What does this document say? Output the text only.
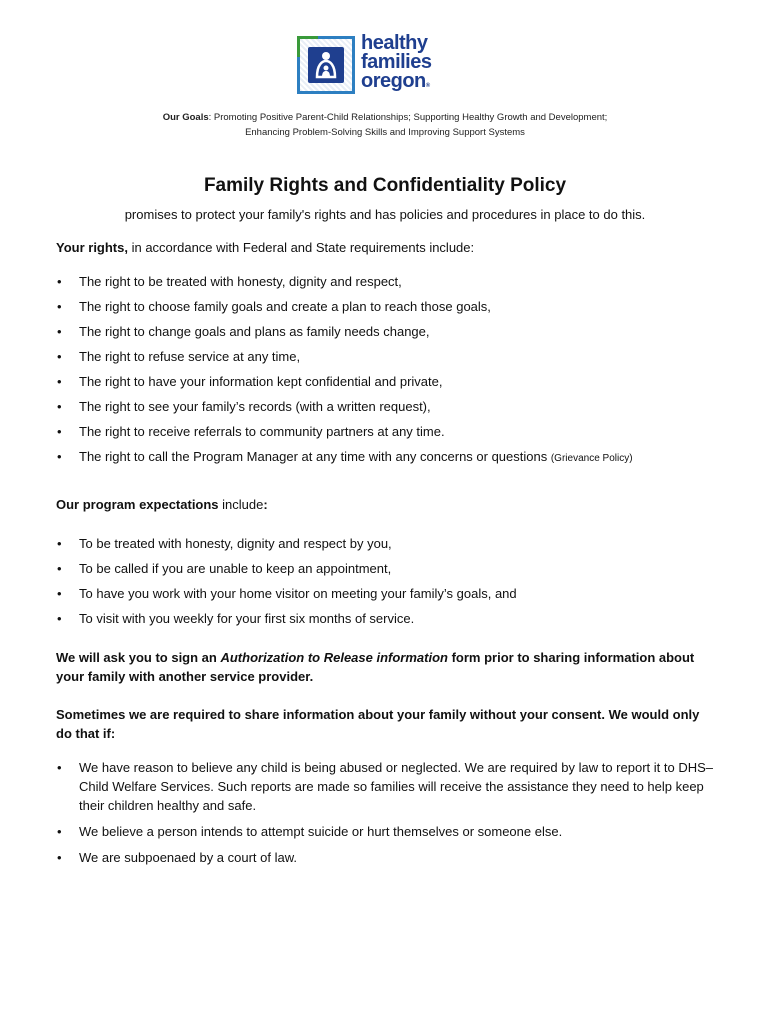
healthy
families
oregon®
Our Goals: Promoting Positive Parent-Child Relationships; Supporting Healthy Growth and Development;
Enhancing Problem-Solving Skills and Improving Support Systems
Family Rights and Confidentiality Policy
promises to protect your family's rights and has policies and procedures in place to do this.
Your rights, in accordance with Federal and State requirements include:
• The right to be treated with honesty, dignity and respect,
• The right to choose family goals and create a plan to reach those goals,
• The right to change goals and plans as family needs change,
• The right to refuse service at any time,
• The right to have your information kept confidential and private,
• The right to see your family’s records (with a written request),
• The right to receive referrals to community partners at any time.
• The right to call the Program Manager at any time with any concerns or questions (Grievance Policy)
Our program expectations include:
• To be treated with honesty, dignity and respect by you,
• To be called if you are unable to keep an appointment,
• To have you work with your home visitor on meeting your family’s goals, and
• To visit with you weekly for your first six months of service.
We will ask you to sign an Authorization to Release information form prior to sharing information about your family with another service provider.
Sometimes we are required to share information about your family without your consent. We would only do that if:
• We have reason to believe any child is being abused or neglected. We are required by law to report it to DHS–Child Welfare Services. Such reports are made so families will receive the assistance they need to help keep their children healthy and safe.
• We believe a person intends to attempt suicide or hurt themselves or someone else.
• We are subpoenaed by a court of law.
